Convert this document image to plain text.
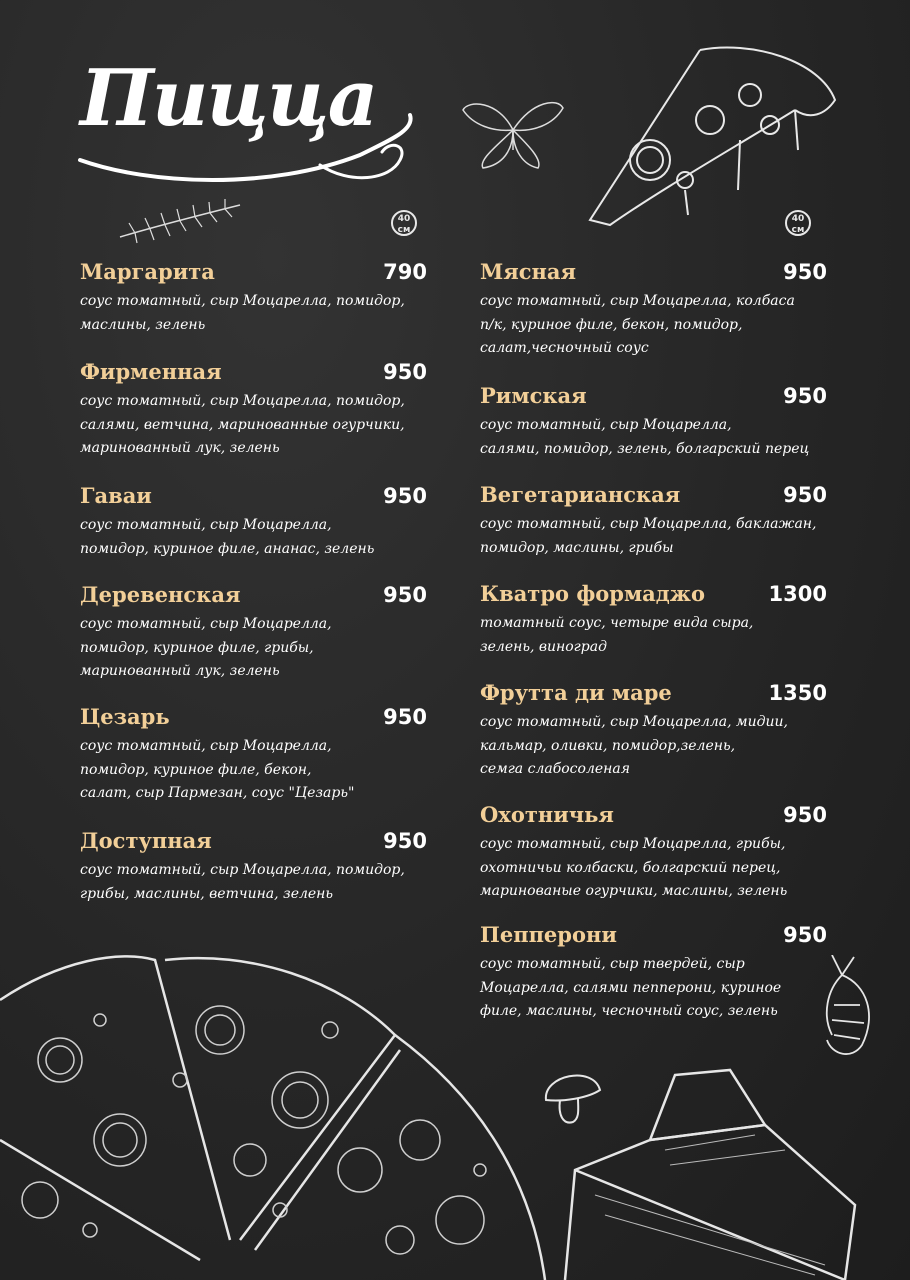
Пицца
40
см
40
см
Маргарита	790
соус томатный, сыр Моцарелла, помидор,
маслины, зелень
Фирменная	950
соус томатный, сыр Моцарелла, помидор,
салями, ветчина, маринованные огурчики,
маринованный лук, зелень
Гаваи	950
соус томатный, сыр Моцарелла,
помидор, куриное филе, ананас, зелень
Деревенская	950
соус томатный, сыр Моцарелла,
помидор, куриное филе, грибы,
маринованный лук, зелень
Цезарь	950
соус томатный, сыр Моцарелла,
помидор, куриное филе, бекон,
салат, сыр Пармезан, соус "Цезарь"
Доступная	950
соус томатный, сыр Моцарелла, помидор,
грибы, маслины, ветчина, зелень
Мясная	950
соус томатный, сыр Моцарелла, колбаса
п/к, куриное филе, бекон, помидор,
салат,чесночный соус
Римская	950
соус томатный, сыр Моцарелла,
салями, помидор, зелень, болгарский перец
Вегетарианская	950
соус томатный, сыр Моцарелла, баклажан,
помидор, маслины, грибы
Кватро формаджо	1300
томатный соус, четыре вида сыра,
зелень, виноград
Фрутта ди маре	1350
соус томатный, сыр Моцарелла, мидии,
кальмар, оливки, помидор,зелень,
семга слабосоленая
Охотничья	950
соус томатный, сыр Моцарелла, грибы,
охотничьи колбаски, болгарский перец,
маринованые огурчики, маслины, зелень
Пепперони	950
соус томатный, сыр твердей, сыр
Моцарелла, салями пепперони, куриное
филе, маслины, чесночный соус, зелень
